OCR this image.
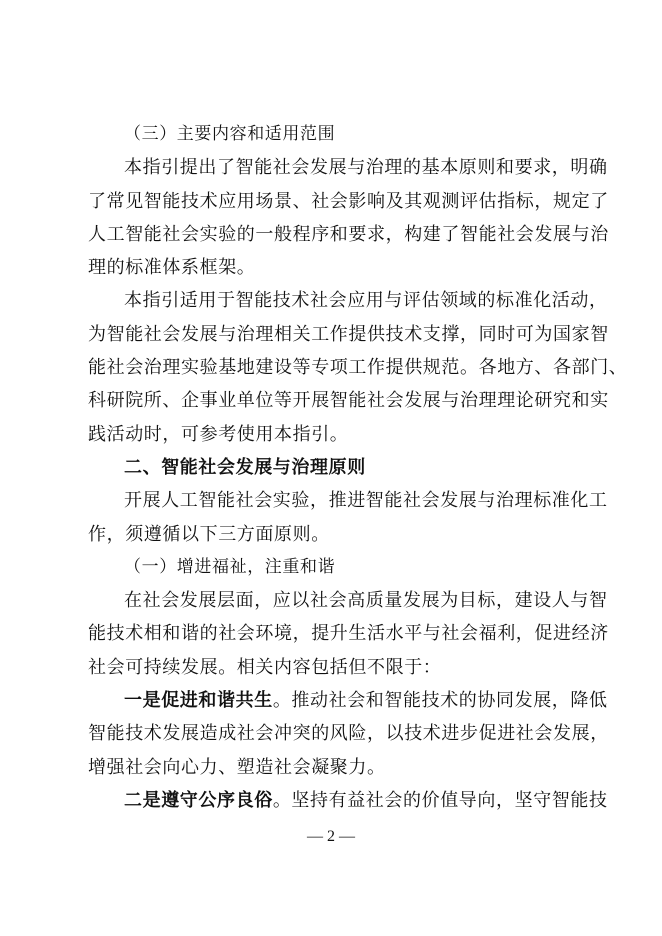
（三）主要内容和适用范围
本指引提出了智能社会发展与治理的基本原则和要求，明确
了常见智能技术应用场景、社会影响及其观测评估指标，规定了
人工智能社会实验的一般程序和要求，构建了智能社会发展与治
理的标准体系框架。
本指引适用于智能技术社会应用与评估领域的标准化活动，
为智能社会发展与治理相关工作提供技术支撑，同时可为国家智
能社会治理实验基地建设等专项工作提供规范。各地方、各部门、
科研院所、企事业单位等开展智能社会发展与治理理论研究和实
践活动时，可参考使用本指引。
二、智能社会发展与治理原则
开展人工智能社会实验，推进智能社会发展与治理标准化工
作，须遵循以下三方面原则。
（一）增进福祉，注重和谐
在社会发展层面，应以社会高质量发展为目标，建设人与智
能技术相和谐的社会环境，提升生活水平与社会福利，促进经济
社会可持续发展。相关内容包括但不限于：
一是促进和谐共生。推动社会和智能技术的协同发展，降低
智能技术发展造成社会冲突的风险，以技术进步促进社会发展，
增强社会向心力、塑造社会凝聚力。
二是遵守公序良俗。坚持有益社会的价值导向，坚守智能技
— 2 —
